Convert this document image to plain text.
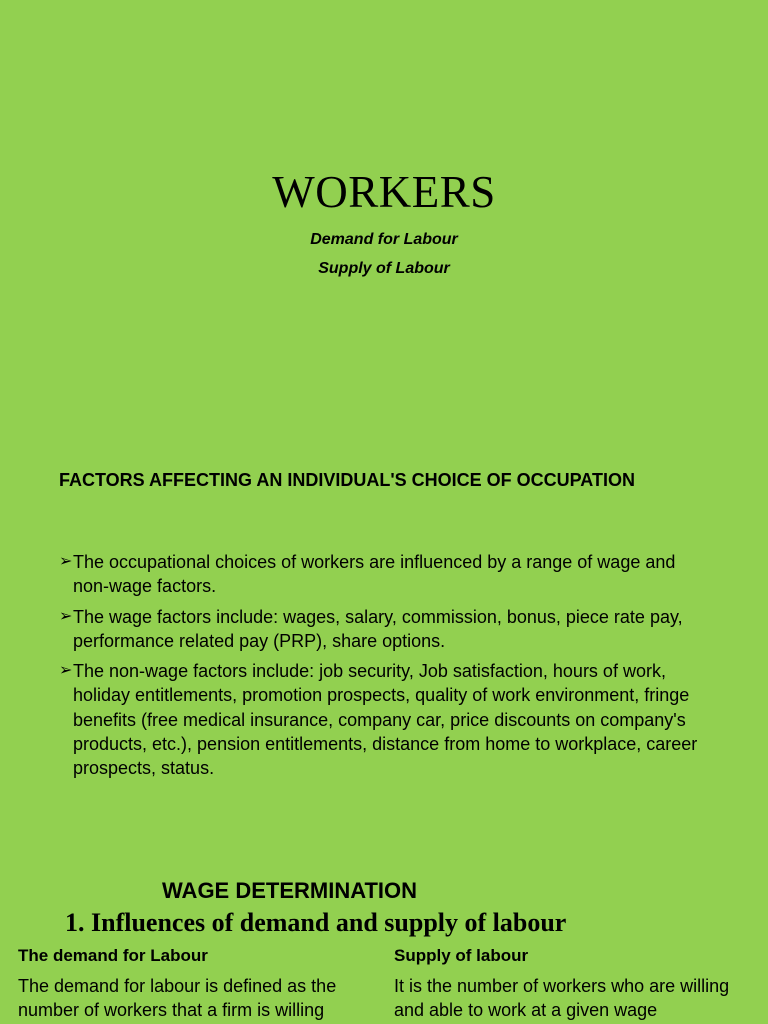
WORKERS
Demand for Labour
Supply of Labour
FACTORS AFFECTING AN INDIVIDUAL'S CHOICE OF OCCUPATION
➢ The occupational choices of workers are influenced by a range of wage and non-wage factors.
➢ The wage factors include: wages, salary, commission, bonus, piece rate pay, performance related pay (PRP), share options.
➢ The non-wage factors include: job security, Job satisfaction, hours of work, holiday entitlements, promotion prospects, quality of work environment, fringe benefits (free medical insurance, company car, price discounts on company's products, etc.), pension entitlements, distance from home to workplace, career prospects, status.
WAGE DETERMINATION
1. Influences of demand and supply of labour
The demand for Labour	Supply of labour
The demand for labour is defined as the number of workers that a firm is willing
It is the number of workers who are willing and able to work at a given wage
